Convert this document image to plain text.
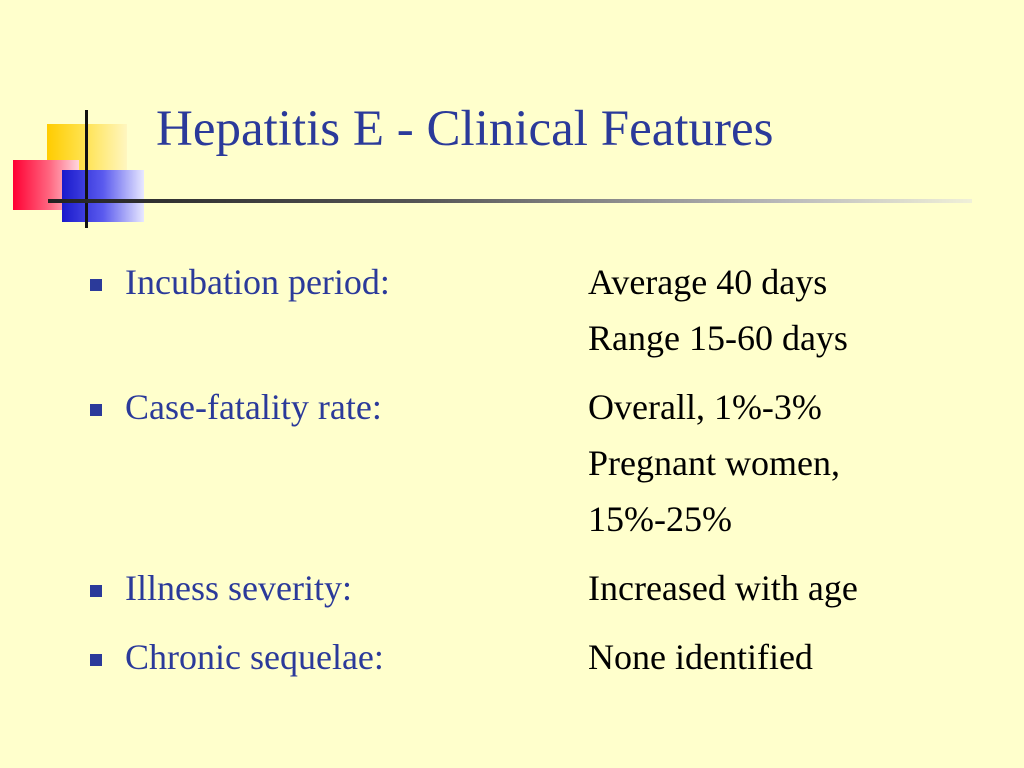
Hepatitis E - Clinical Features
Incubation period:	Average 40 days
Range 15-60 days
Case-fatality rate:	Overall, 1%-3%
Pregnant women,
15%-25%
Illness severity:	Increased with age
Chronic sequelae:	None identified
